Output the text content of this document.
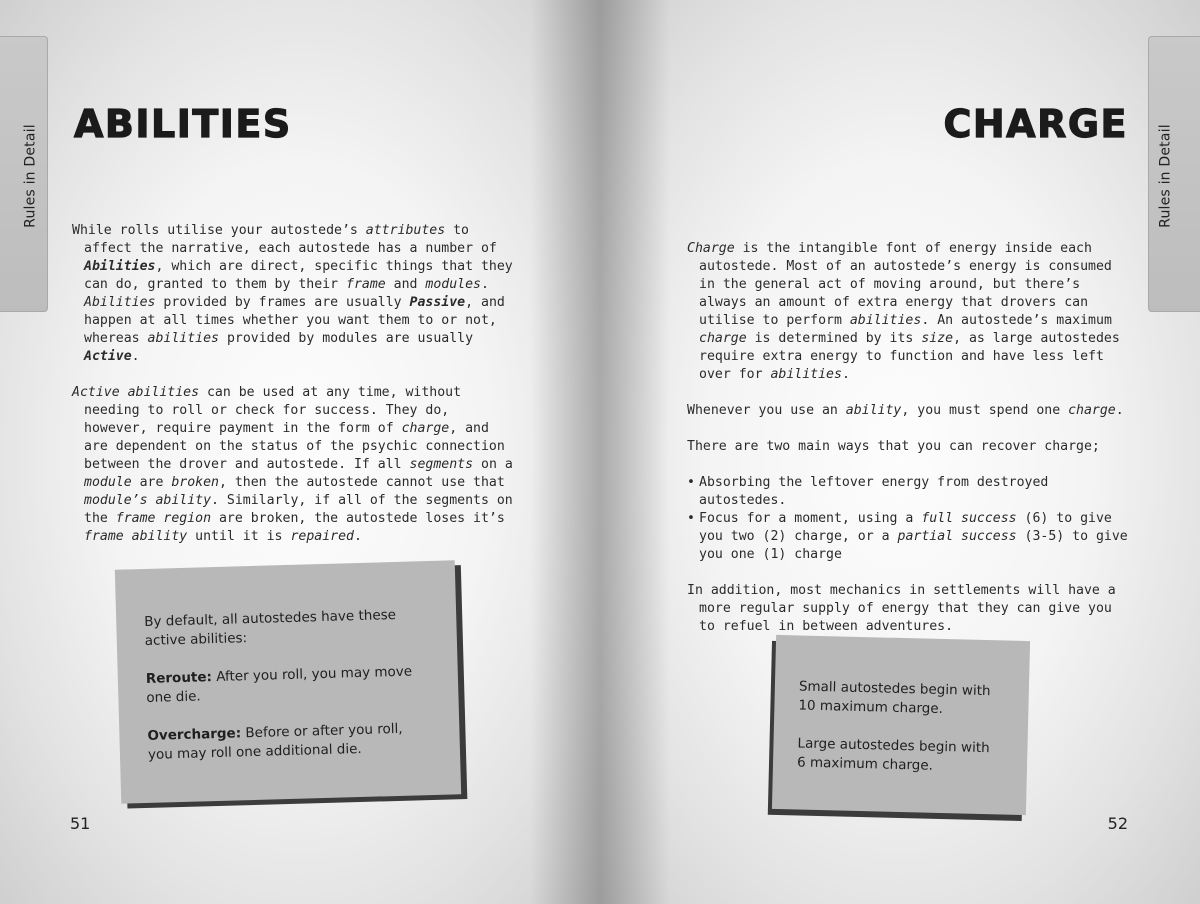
Rules in Detail
ABILITIES

While rolls utilise your autostede’s attributes to affect the narrative, each autostede has a number of Abilities, which are direct, specific things that they can do, granted to them by their frame and modules. Abilities provided by frames are usually Passive, and happen at all times whether you want them to or not, whereas abilities provided by modules are usually Active.

Active abilities can be used at any time, without needing to roll or check for success. They do, however, require payment in the form of charge, and are dependent on the status of the psychic connection between the drover and autostede. If all segments on a module are broken, then the autostede cannot use that module’s ability. Similarly, if all of the segments on the frame region are broken, the autostede loses it’s frame ability until it is repaired.

By default, all autostedes have these active abilities:

Reroute: After you roll, you may move one die.

Overcharge: Before or after you roll, you may roll one additional die.

51
Rules in Detail
CHARGE

Charge is the intangible font of energy inside each autostede. Most of an autostede’s energy is consumed in the general act of moving around, but there’s always an amount of extra energy that drovers can utilise to perform abilities. An autostede’s maximum charge is determined by its size, as large autostedes require extra energy to function and have less left over for abilities.

Whenever you use an ability, you must spend one charge.

There are two main ways that you can recover charge;

• Absorbing the leftover energy from destroyed autostedes.
• Focus for a moment, using a full success (6) to give you two (2) charge, or a partial success (3-5) to give you one (1) charge

In addition, most mechanics in settlements will have a more regular supply of energy that they can give you to refuel in between adventures.

Small autostedes begin with 10 maximum charge.

Large autostedes begin with 6 maximum charge.

52
